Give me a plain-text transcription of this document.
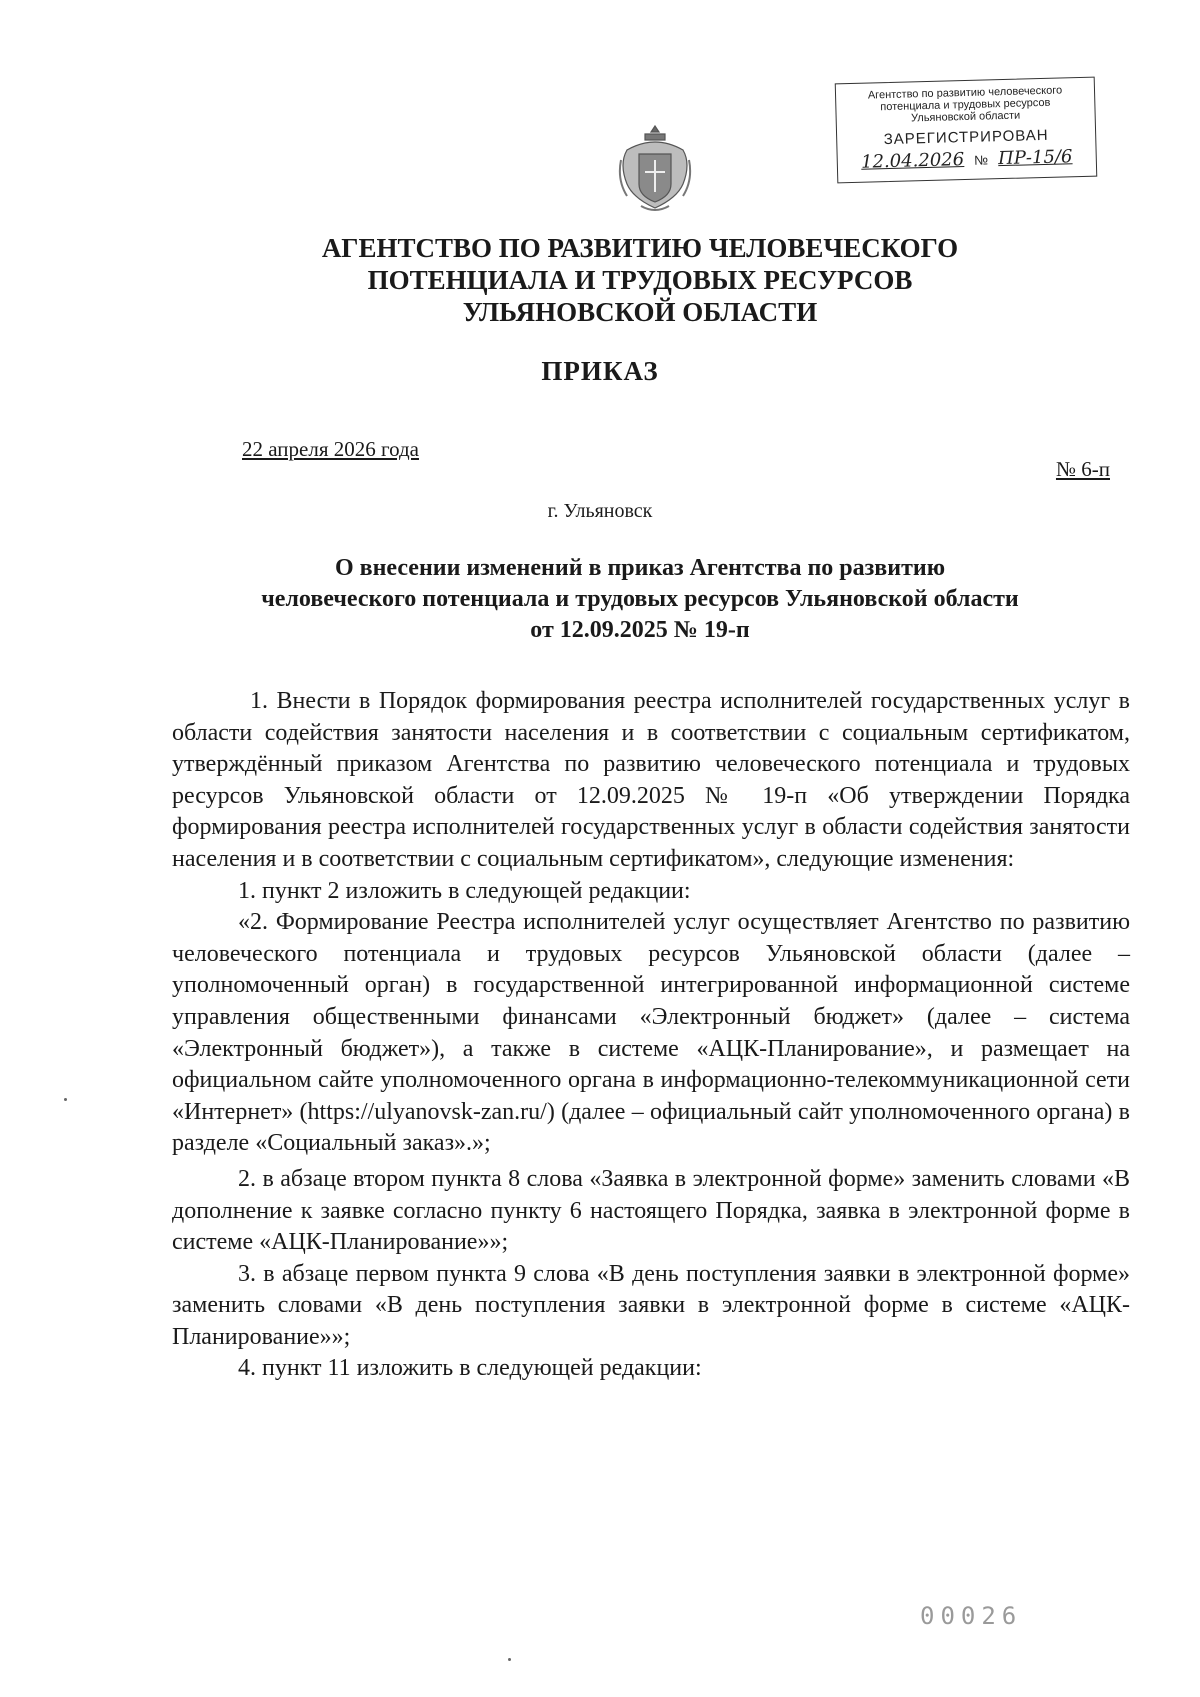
Агентство по развитию человеческого
потенциала и трудовых ресурсов
Ульяновской области
ЗАРЕГИСТРИРОВАН
12.04.2026 № ПР-15/6
АГЕНТСТВО ПО РАЗВИТИЮ ЧЕЛОВЕЧЕСКОГО
ПОТЕНЦИАЛА И ТРУДОВЫХ РЕСУРСОВ
УЛЬЯНОВСКОЙ ОБЛАСТИ
ПРИКАЗ
22 апреля 2026 года
№ 6-п
г. Ульяновск
О внесении изменений в приказ Агентства по развитию
человеческого потенциала и трудовых ресурсов Ульяновской области
от 12.09.2025 № 19-п

1. Внести в Порядок формирования реестра исполнителей государственных услуг в области содействия занятости населения и в соответствии с социальным сертификатом, утверждённый приказом Агентства по развитию человеческого потенциала и трудовых ресурсов Ульяновской области от 12.09.2025 № 19-п «Об утверждении Порядка формирования реестра исполнителей государственных услуг в области содействия занятости населения и в соответствии с социальным сертификатом», следующие изменения:

1. пункт 2 изложить в следующей редакции:

«2. Формирование Реестра исполнителей услуг осуществляет Агентство по развитию человеческого потенциала и трудовых ресурсов Ульяновской области (далее – уполномоченный орган) в государственной интегрированной информационной системе управления общественными финансами «Электронный бюджет» (далее – система «Электронный бюджет»), а также в системе «АЦК-Планирование», и размещает на официальном сайте уполномоченного органа в информационно-телекоммуникационной сети «Интернет» (https://ulyanovsk-zan.ru/) (далее – официальный сайт уполномоченного органа) в разделе «Социальный заказ».»;

2. в абзаце втором пункта 8 слова «Заявка в электронной форме» заменить словами «В дополнение к заявке согласно пункту 6 настоящего Порядка, заявка в электронной форме в системе «АЦК-Планирование»»;

3. в абзаце первом пункта 9 слова «В день поступления заявки в электронной форме» заменить словами «В день поступления заявки в электронной форме в системе «АЦК-Планирование»»;

4. пункт 11 изложить в следующей редакции:

00026
